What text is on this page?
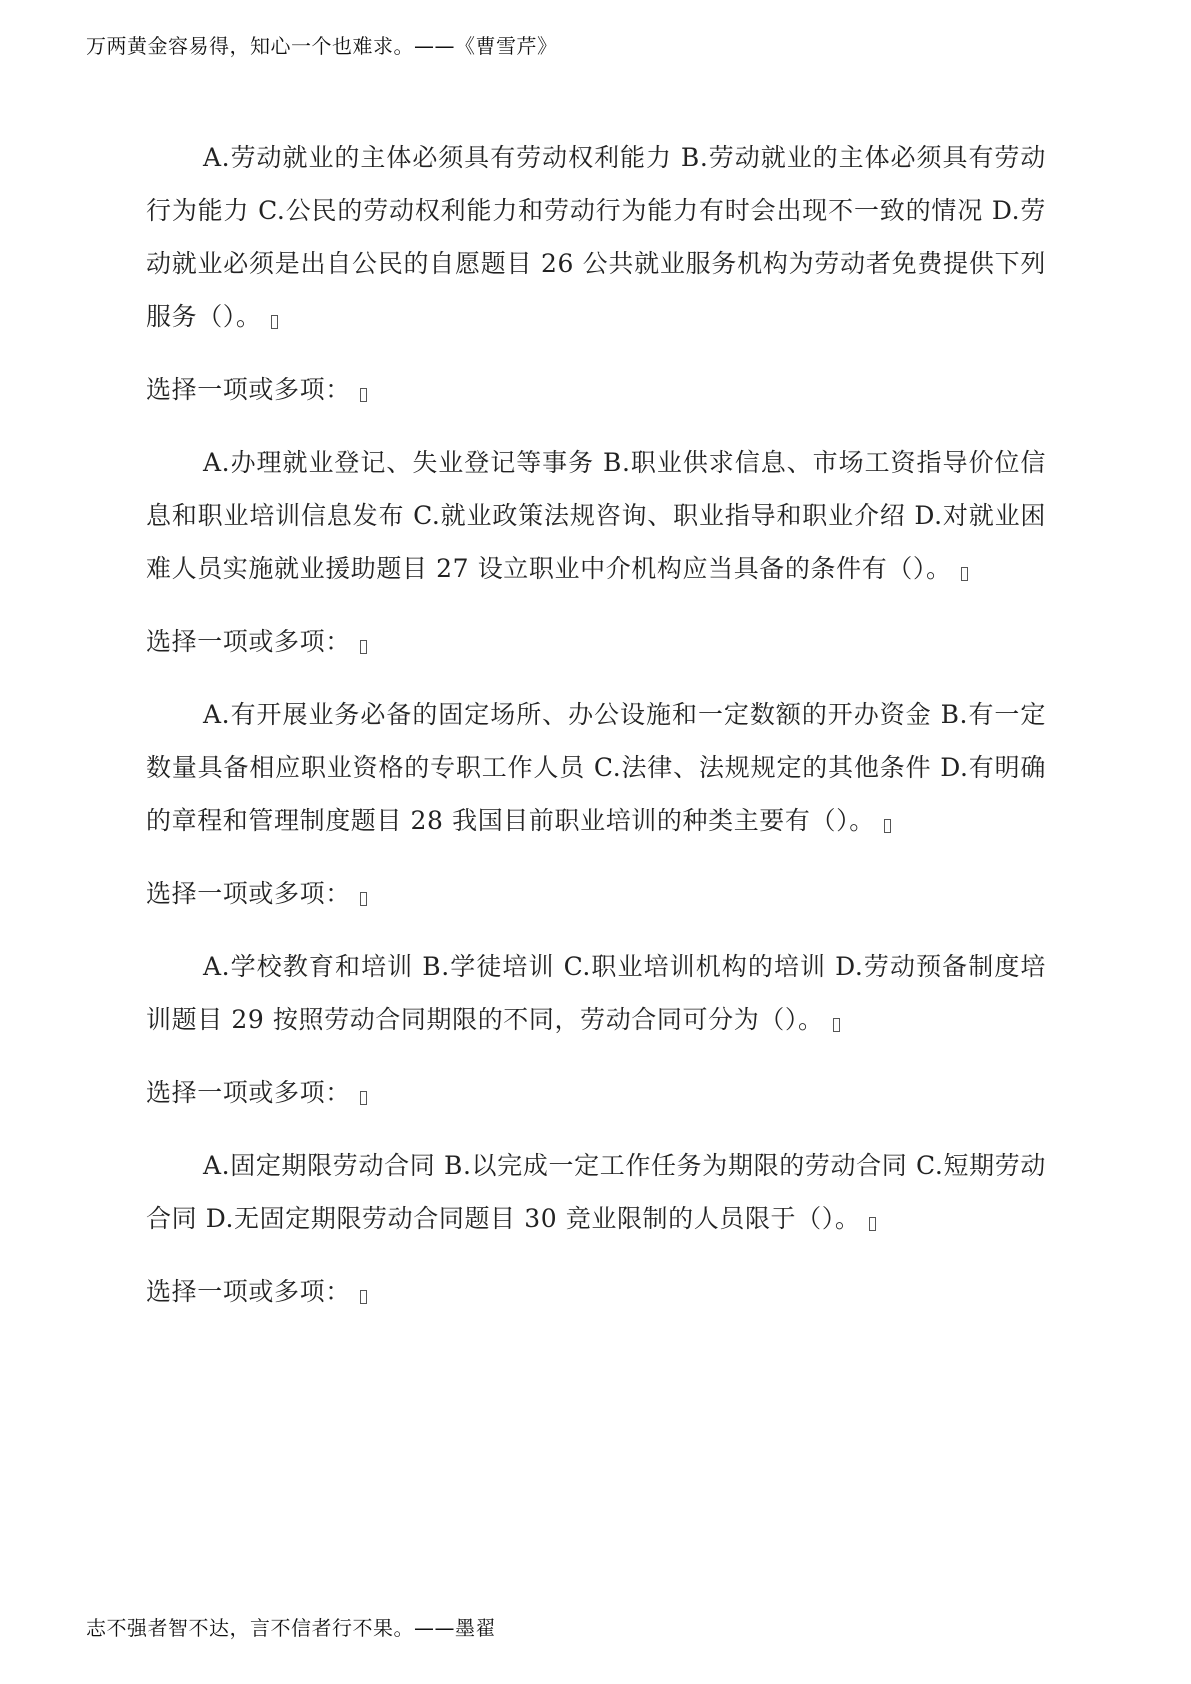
万两黄金容易得，知心一个也难求。——《曹雪芹》

A.劳动就业的主体必须具有劳动权利能力 B.劳动就业的主体必须具有劳动行为能力 C.公民的劳动权利能力和劳动行为能力有时会出现不一致的情况 D.劳动就业必须是出自公民的自愿题目 26 公共就业服务机构为劳动者免费提供下列服务（）。

选择一项或多项：

A.办理就业登记、失业登记等事务 B.职业供求信息、市场工资指导价位信息和职业培训信息发布 C.就业政策法规咨询、职业指导和职业介绍 D.对就业困难人员实施就业援助题目 27 设立职业中介机构应当具备的条件有（）。

选择一项或多项：

A.有开展业务必备的固定场所、办公设施和一定数额的开办资金 B.有一定数量具备相应职业资格的专职工作人员 C.法律、法规规定的其他条件 D.有明确的章程和管理制度题目 28 我国目前职业培训的种类主要有（）。

选择一项或多项：

A.学校教育和培训 B.学徒培训 C.职业培训机构的培训 D.劳动预备制度培训题目 29 按照劳动合同期限的不同，劳动合同可分为（）。

选择一项或多项：

A.固定期限劳动合同 B.以完成一定工作任务为期限的劳动合同 C.短期劳动合同 D.无固定期限劳动合同题目 30 竞业限制的人员限于（）。

选择一项或多项：

志不强者智不达，言不信者行不果。——墨翟
